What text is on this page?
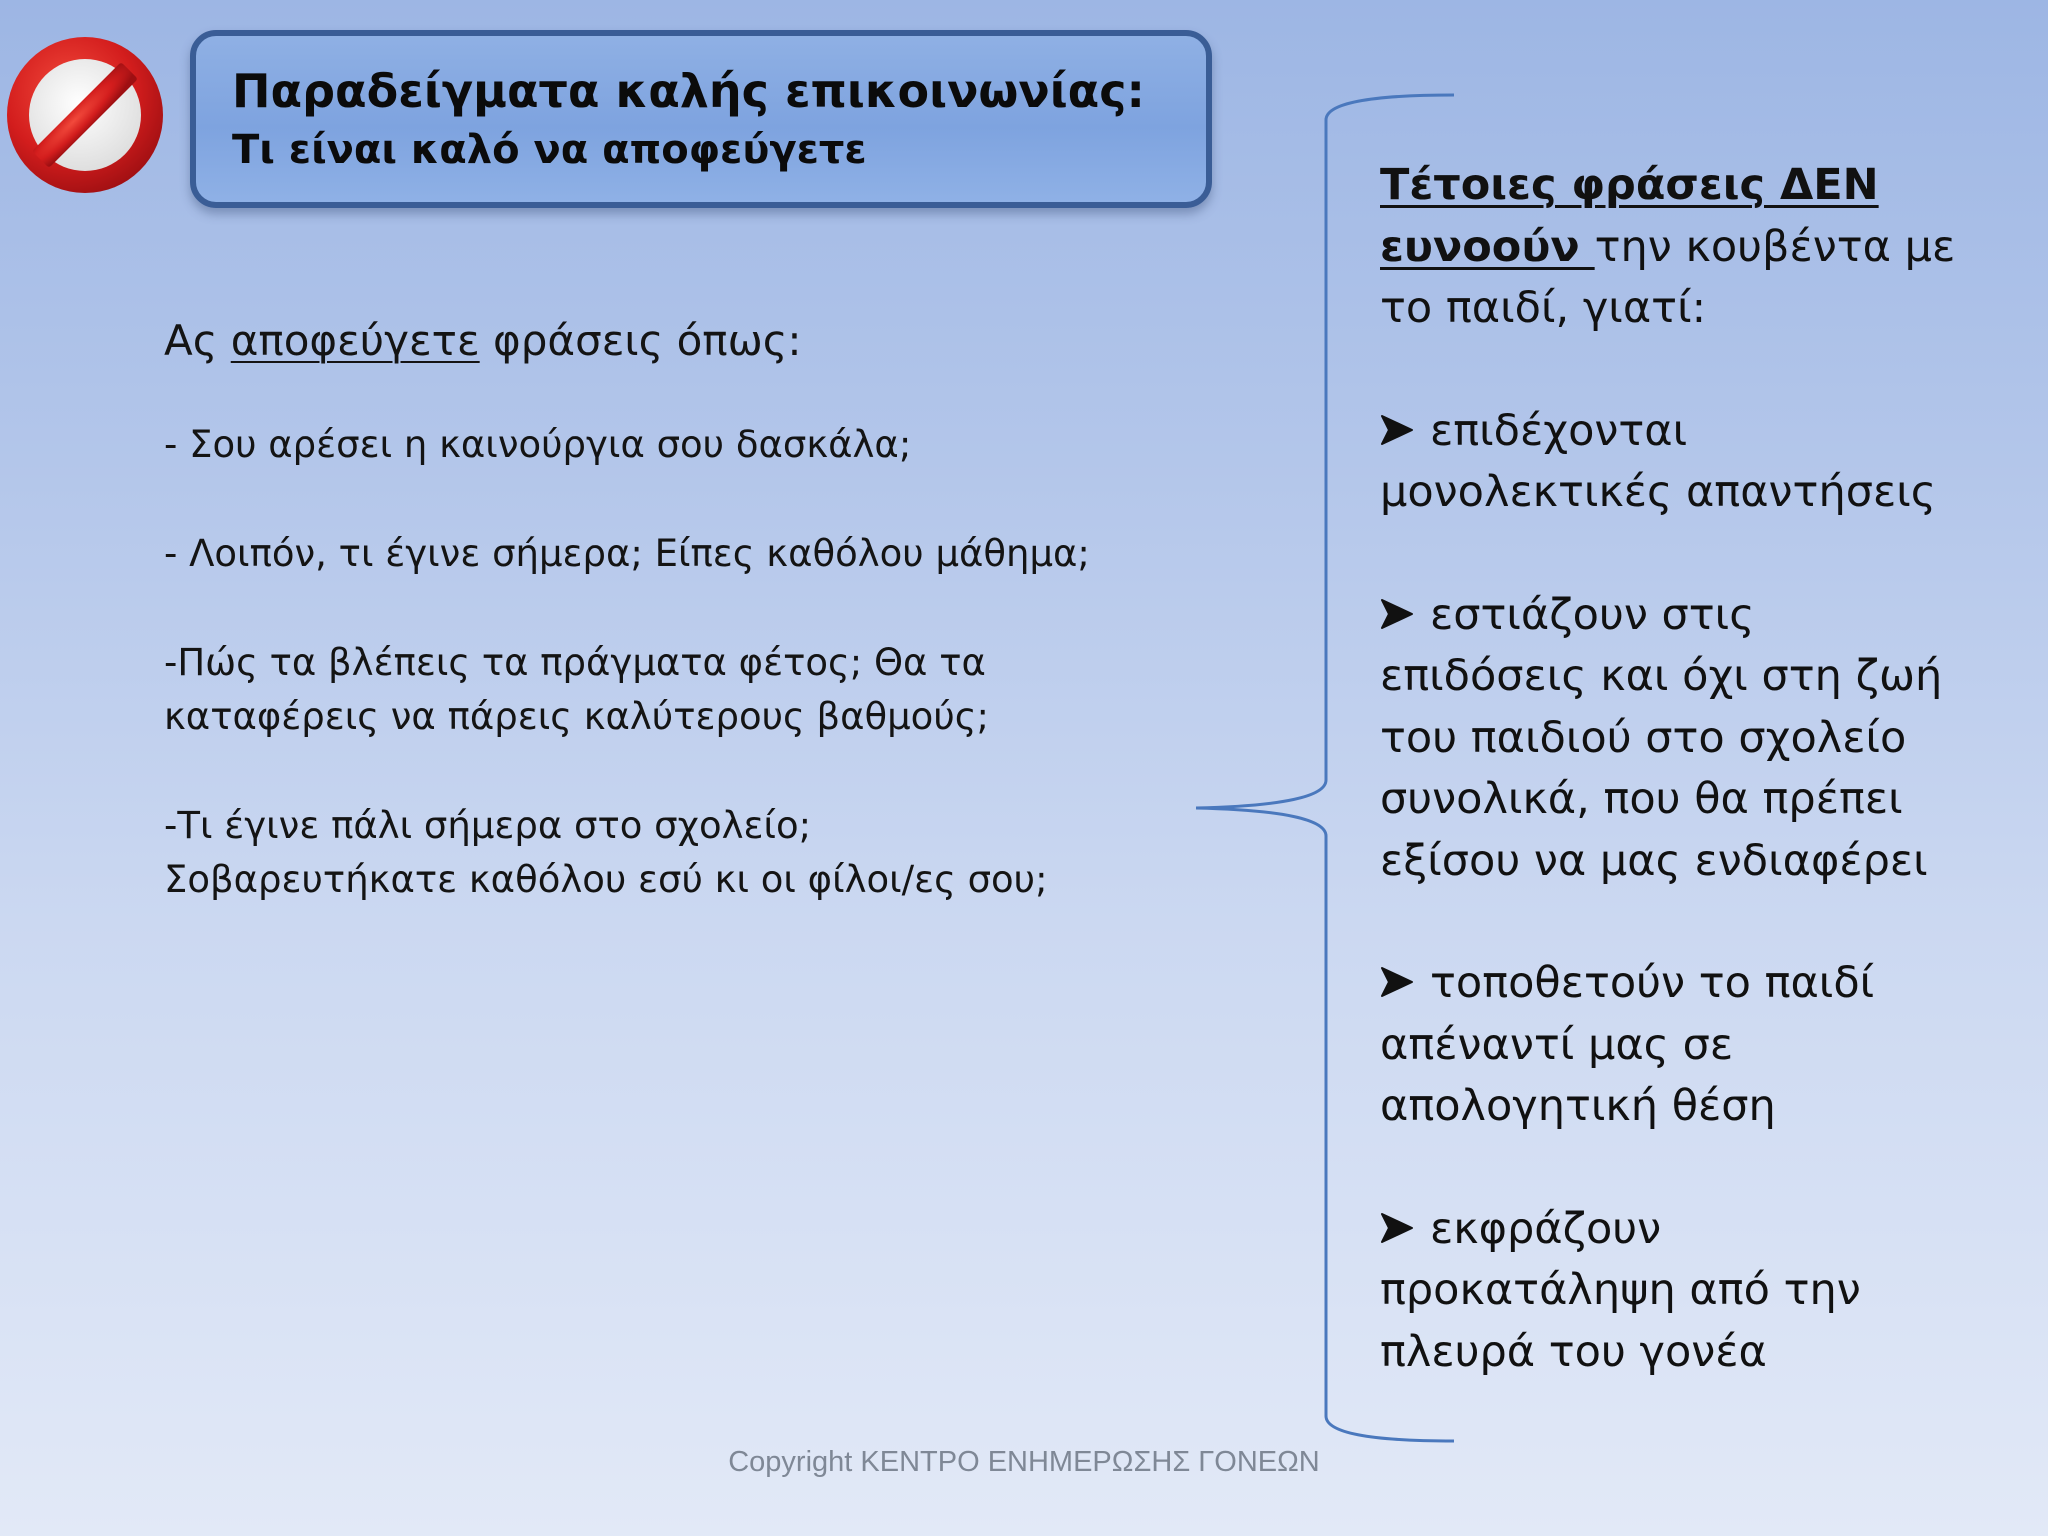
Παραδείγματα καλής επικοινωνίας:
Τι είναι καλό να αποφεύγετε
Ας αποφεύγετε φράσεις όπως:
- Σου αρέσει η καινούργια σου δασκάλα;
- Λοιπόν, τι έγινε σήμερα; Είπες καθόλου μάθημα;
-Πώς τα βλέπεις τα πράγματα φέτος; Θα τα
καταφέρεις να πάρεις καλύτερους βαθμούς;
-Τι έγινε πάλι σήμερα στο σχολείο;
Σοβαρευτήκατε καθόλου εσύ κι οι φίλοι/ες σου;
Τέτοιες φράσεις ΔΕΝ
ευνοούν την κουβέντα με
το παιδί, γιατί:
επιδέχονται
μονολεκτικές απαντήσεις
εστιάζουν στις
επιδόσεις και όχι στη ζωή
του παιδιού στο σχολείο
συνολικά, που θα πρέπει
εξίσου να μας ενδιαφέρει
τοποθετούν το παιδί
απέναντί μας σε
απολογητική θέση
εκφράζουν
προκατάληψη από την
πλευρά του γονέα
Copyright ΚΕΝΤΡΟ ΕΝΗΜΕΡΩΣΗΣ ΓΟΝΕΩΝ
